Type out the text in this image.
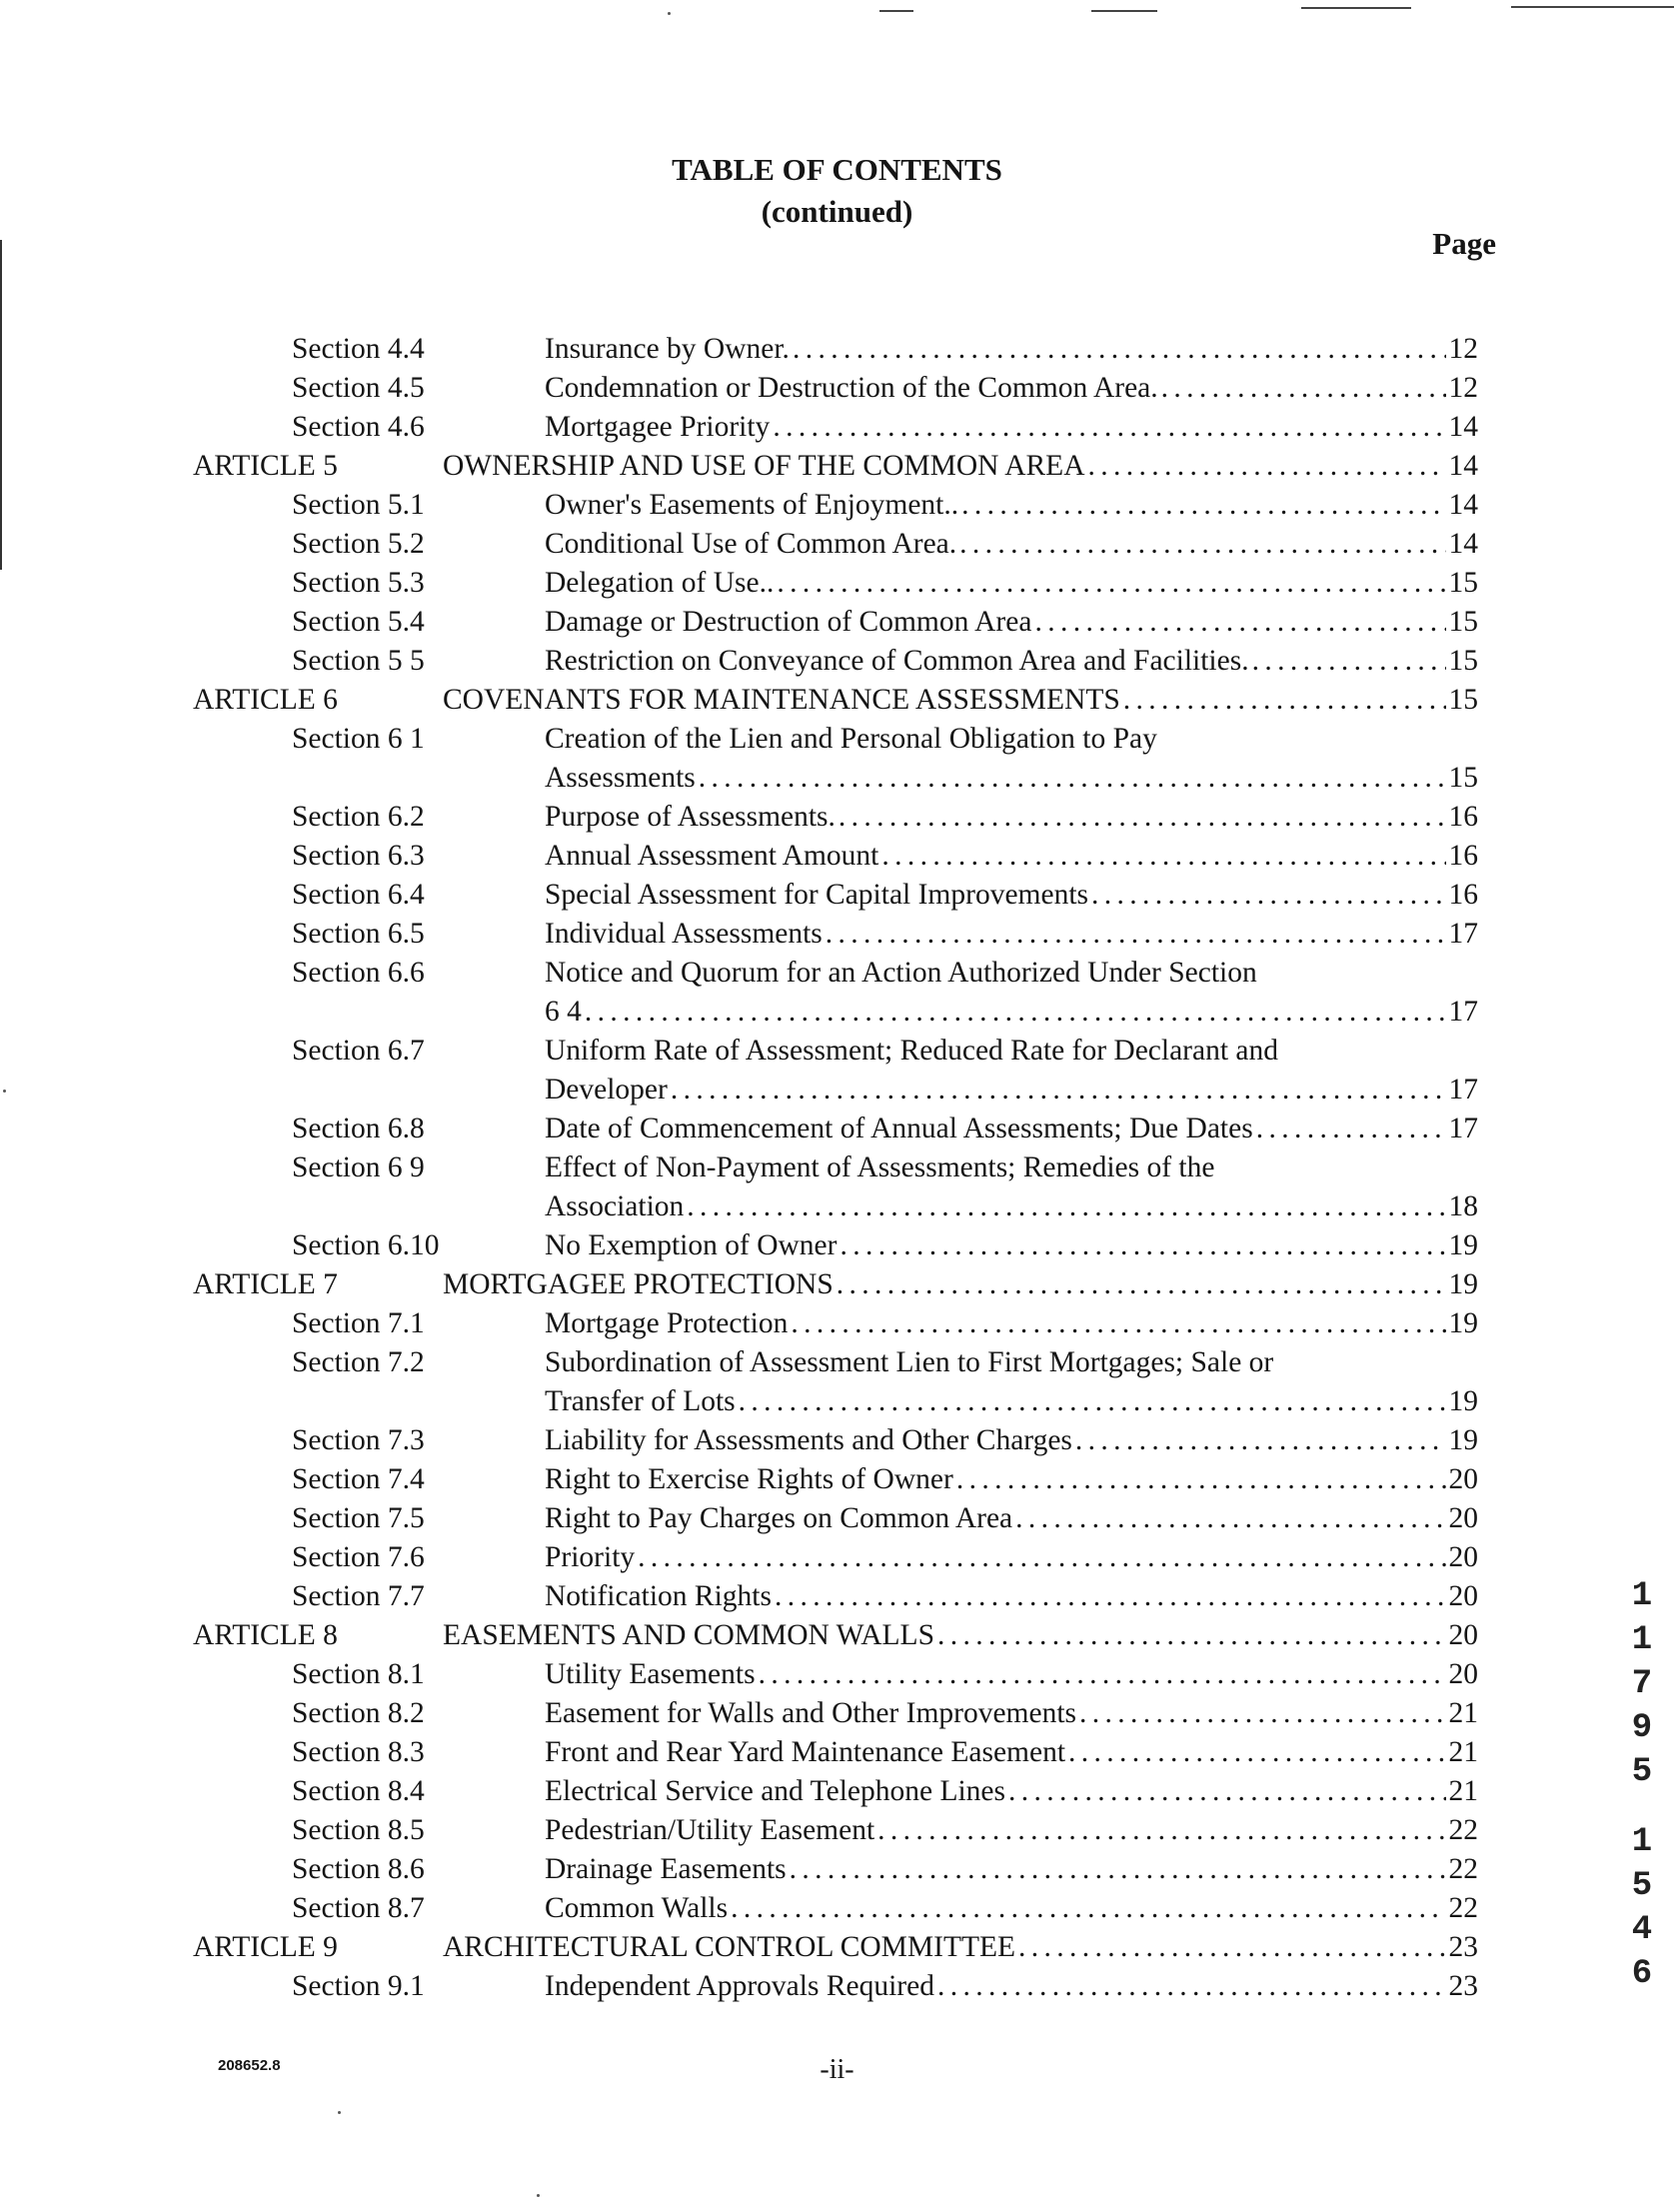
TABLE OF CONTENTS
(continued)
Page
Section 4.4	Insurance by Owner. . . .	12
Section 4.5	Condemnation or Destruction of the Common Area. . . .	12
Section 4.6	Mortgagee Priority . . .	14
ARTICLE 5	OWNERSHIP AND USE OF THE COMMON AREA . . .	14
Section 5.1	Owner's Easements of Enjoyment.. . . .	14
Section 5.2	Conditional Use of Common Area. . . .	14
Section 5.3	Delegation of Use.. . . .	15
Section 5.4	Damage or Destruction of Common Area . . .	15
Section 5 5	Restriction on Conveyance of Common Area and Facilities. . . .	15
ARTICLE 6	COVENANTS FOR MAINTENANCE ASSESSMENTS . . .	15
Section 6 1	Creation of the Lien and Personal Obligation to Pay
Assessments . . .	15
Section 6.2	Purpose of Assessments. . . .	16
Section 6.3	Annual Assessment Amount . . .	16
Section 6.4	Special Assessment for Capital Improvements . . .	16
Section 6.5	Individual Assessments . . .	17
Section 6.6	Notice and Quorum for an Action Authorized Under Section
6 4 . . .	17
Section 6.7	Uniform Rate of Assessment; Reduced Rate for Declarant and
Developer . . .	17
Section 6.8	Date of Commencement of Annual Assessments; Due Dates . . .	17
Section 6 9	Effect of Non-Payment of Assessments; Remedies of the
Association . . .	18
Section 6.10	No Exemption of Owner . . .	19
ARTICLE 7	MORTGAGEE PROTECTIONS . . .	19
Section 7.1	Mortgage Protection . . .	19
Section 7.2	Subordination of Assessment Lien to First Mortgages; Sale or
Transfer of Lots . . .	19
Section 7.3	Liability for Assessments and Other Charges . . .	19
Section 7.4	Right to Exercise Rights of Owner . . .	20
Section 7.5	Right to Pay Charges on Common Area . . .	20
Section 7.6	Priority . . .	20
Section 7.7	Notification Rights . . .	20
ARTICLE 8	EASEMENTS AND COMMON WALLS . . .	20
Section 8.1	Utility Easements . . .	20
Section 8.2	Easement for Walls and Other Improvements . . .	21
Section 8.3	Front and Rear Yard Maintenance Easement . . .	21
Section 8.4	Electrical Service and Telephone Lines . . .	21
Section 8.5	Pedestrian/Utility Easement . . .	22
Section 8.6	Drainage Easements . . .	22
Section 8.7	Common Walls . . .	22
ARTICLE 9	ARCHITECTURAL CONTROL COMMITTEE . . .	23
Section 9.1	Independent Approvals Required . . .	23
208652.8	-ii-
1
1
7
9
5
1
5
4
6
